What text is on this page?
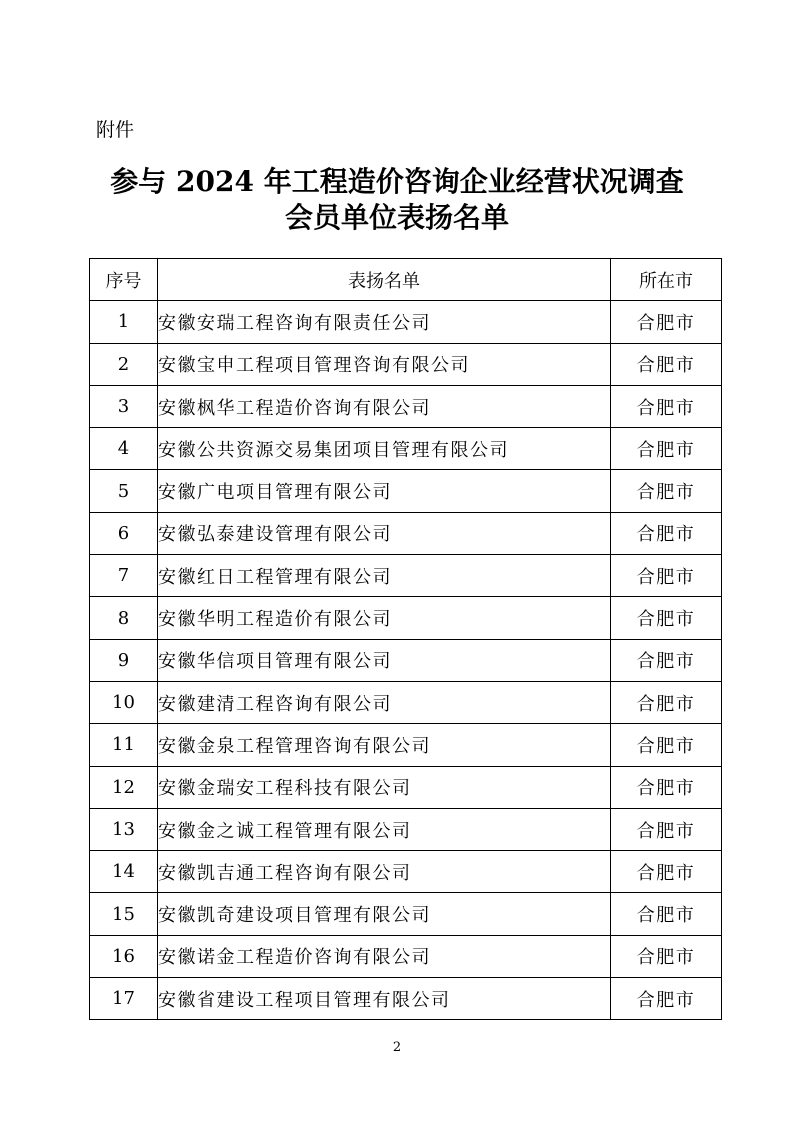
附件
参与 2024 年工程造价咨询企业经营状况调查
会员单位表扬名单
序号	表扬名单	所在市
1	安徽安瑞工程咨询有限责任公司	合肥市
2	安徽宝申工程项目管理咨询有限公司	合肥市
3	安徽枫华工程造价咨询有限公司	合肥市
4	安徽公共资源交易集团项目管理有限公司	合肥市
5	安徽广电项目管理有限公司	合肥市
6	安徽弘泰建设管理有限公司	合肥市
7	安徽红日工程管理有限公司	合肥市
8	安徽华明工程造价有限公司	合肥市
9	安徽华信项目管理有限公司	合肥市
10	安徽建清工程咨询有限公司	合肥市
11	安徽金泉工程管理咨询有限公司	合肥市
12	安徽金瑞安工程科技有限公司	合肥市
13	安徽金之诚工程管理有限公司	合肥市
14	安徽凯吉通工程咨询有限公司	合肥市
15	安徽凯奇建设项目管理有限公司	合肥市
16	安徽诺金工程造价咨询有限公司	合肥市
17	安徽省建设工程项目管理有限公司	合肥市
2
